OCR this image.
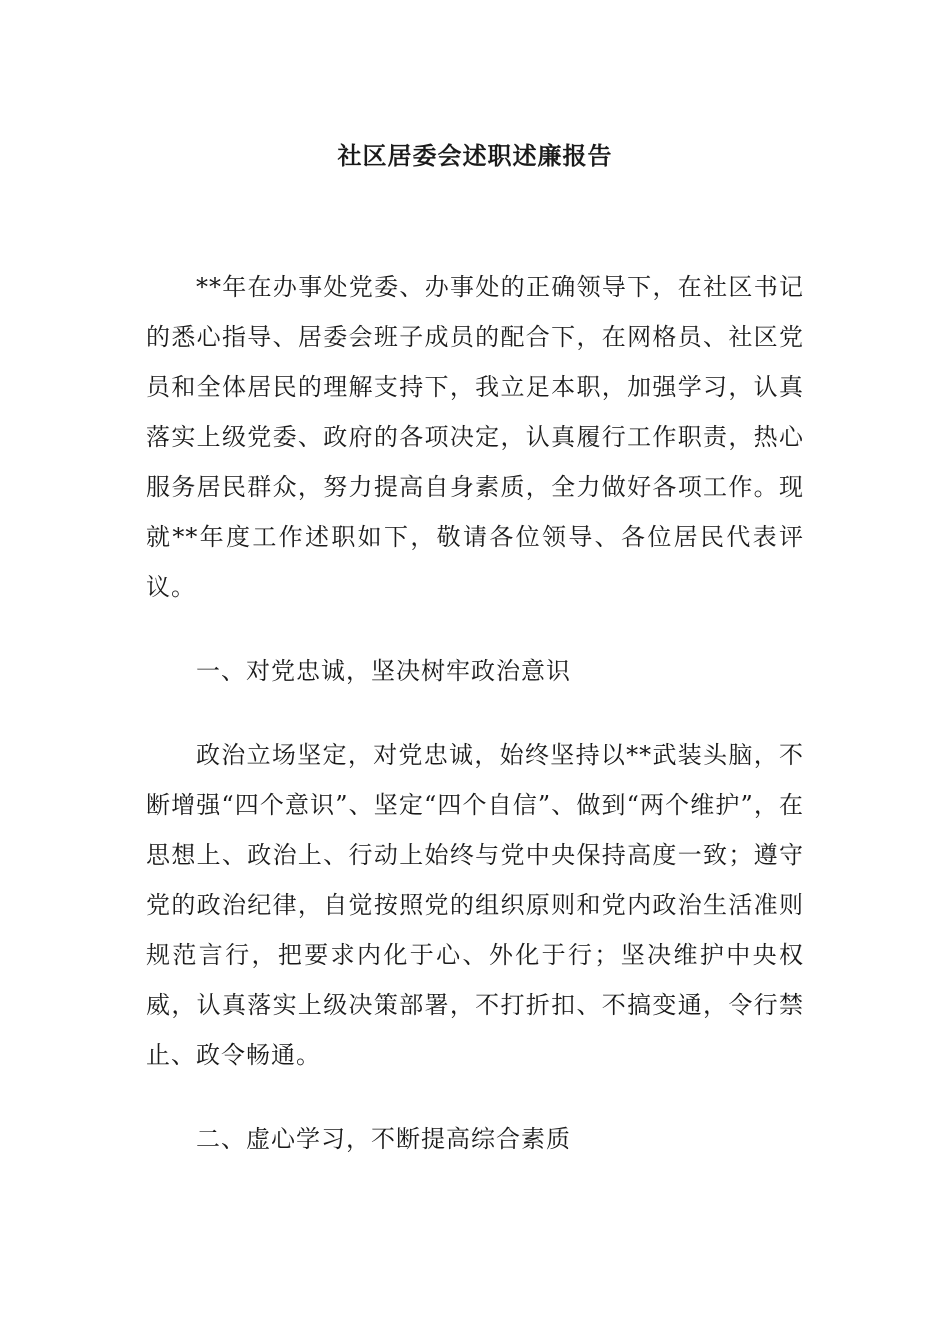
社区居委会述职述廉报告

**年在办事处党委、办事处的正确领导下，在社区书记的悉心指导、居委会班子成员的配合下，在网格员、社区党员和全体居民的理解支持下，我立足本职，加强学习，认真落实上级党委、政府的各项决定，认真履行工作职责，热心服务居民群众，努力提高自身素质，全力做好各项工作。现就**年度工作述职如下，敬请各位领导、各位居民代表评议。

一、对党忠诚，坚决树牢政治意识

政治立场坚定，对党忠诚，始终坚持以**武装头脑，不断增强“四个意识”、坚定“四个自信”、做到“两个维护”，在思想上、政治上、行动上始终与党中央保持高度一致；遵守党的政治纪律，自觉按照党的组织原则和党内政治生活准则规范言行，把要求内化于心、外化于行；坚决维护中央权威，认真落实上级决策部署，不打折扣、不搞变通，令行禁止、政令畅通。

二、虚心学习，不断提高综合素质
